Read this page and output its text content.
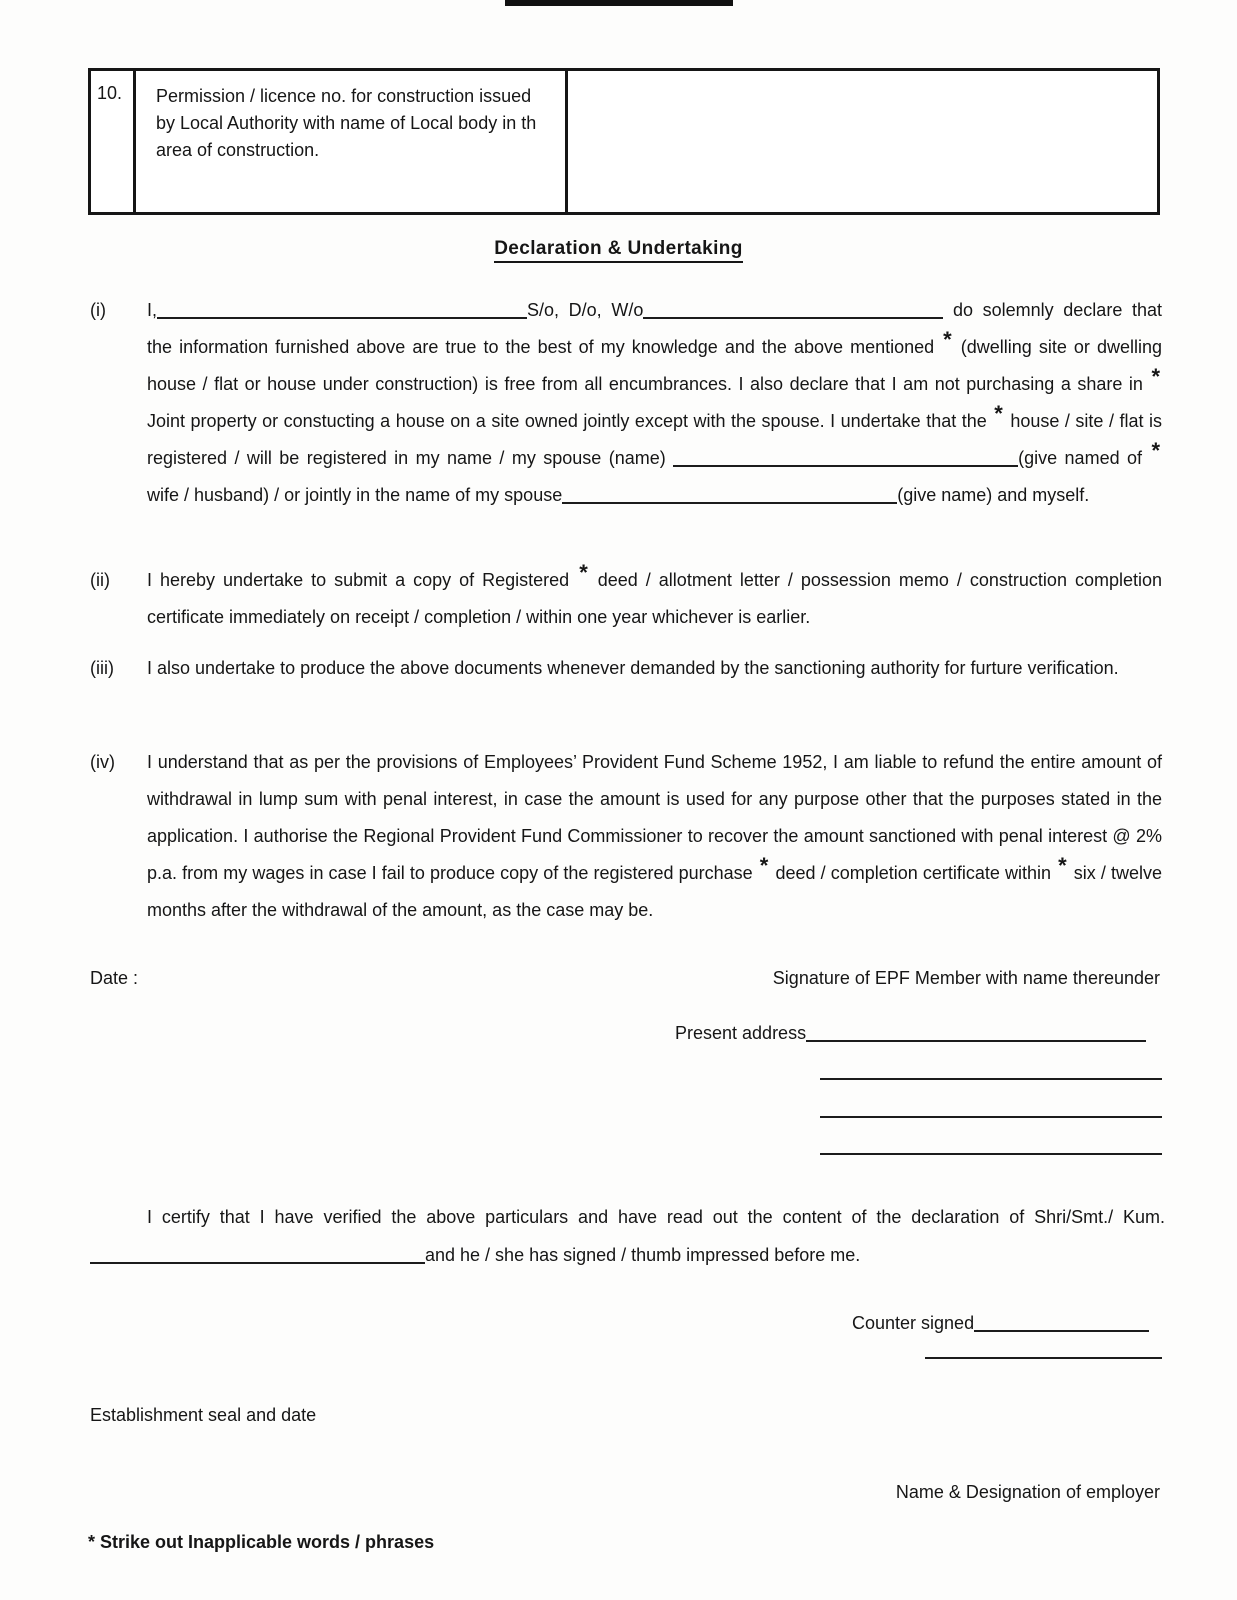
10.	Permission / licence no. for construction issued by Local Authority with name of Local body in th area of construction.
Declaration & Undertaking
(i) I,	S/o, D/o, W/o	do solemnly declare that the information furnished above are true to the best of my knowledge and the above mentioned * (dwelling site or dwelling house / flat or house under construction) is free from all encumbrances. I also declare that I am not purchasing a share in * Joint property or constucting a house on a site owned jointly except with the spouse. I undertake that the * house / site / flat is registered / will be registered in my name / my spouse (name)	(give named of * wife / husband) / or jointly in the name of my spouse	(give name) and myself.
(ii) I hereby undertake to submit a copy of Registered * deed / allotment letter / possession memo / construction completion certificate immediately on receipt / completion / within one year whichever is earlier.
(iii) I also undertake to produce the above documents whenever demanded by the sanctioning authority for furture verification.
(iv) I understand that as per the provisions of Employees’ Provident Fund Scheme 1952, I am liable to refund the entire amount of withdrawal in lump sum with penal interest, in case the amount is used for any purpose other that the purposes stated in the application. I authorise the Regional Provident Fund Commissioner to recover the amount sanctioned with penal interest @ 2% p.a. from my wages in case I fail to produce copy of the registered purchase * deed / completion certificate within * six / twelve months after the withdrawal of the amount, as the case may be.
Date :	Signature of EPF Member with name thereunder
Present address
I certify that I have verified the above particulars and have read out the content of the declaration of Shri/Smt./ Kum.and he / she has signed / thumb impressed before me.
Counter signed
Establishment seal and date
Name & Designation of employer
* Strike out Inapplicable words / phrases
